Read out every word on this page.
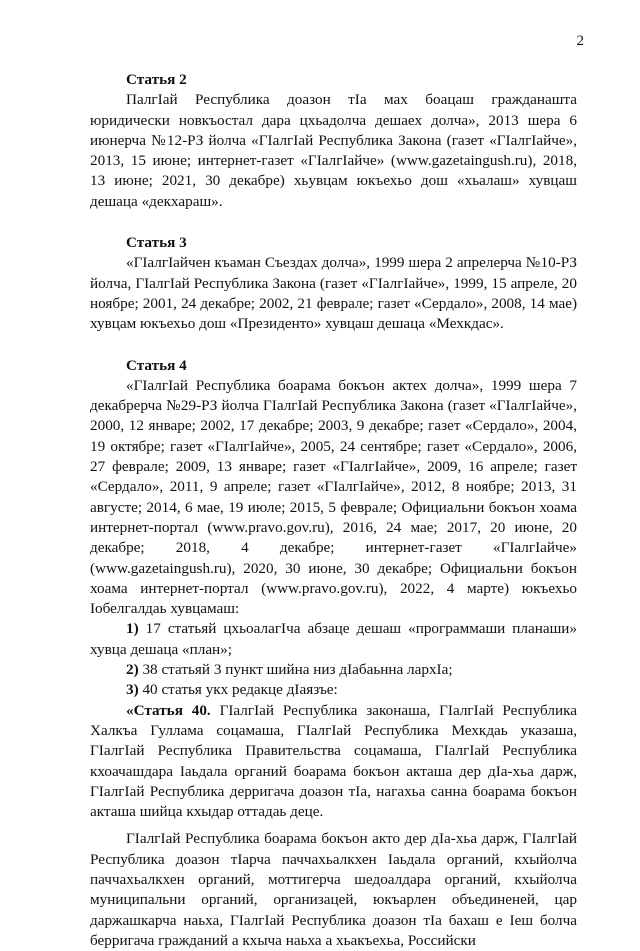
2

Статья 2

ПалгӀай Республика доазон тӀа мах боацаш гражданашта юридически новкъостал дара цхьадолча дешаех долча», 2013 шера 6 июнерча №12-РЗ йолча «ГӀалгӀай Республика Закона (газет «ГӀалгӀайче», 2013, 15 июне; интернет-газет «ГӀалгӀайче» (www.gazetaingush.ru), 2018, 13 июне; 2021, 30 декабре) хьувцам юкъехьо дош «хьалаш» хувцаш дешаца «декхараш».

Статья 3

«ГӀалгӀайчен къаман Съездах долча», 1999 шера 2 апрелерча №10-РЗ йолча, ГӀалгӀай Республика Закона (газет «ГӀалгӀайче», 1999, 15 апреле, 20 ноябре; 2001, 24 декабре; 2002, 21 феврале; газет «Сердало», 2008, 14 мае) хувцам юкъехьо дош «Президенто» хувцаш дешаца «Мехкдас».

Статья 4

«ГӀалгӀай Республика боарама бокъон актех долча», 1999 шера 7 декабрерча №29-РЗ йолча ГӀалгӀай Республика Закона (газет «ГӀалгӀайче», 2000, 12 январе; 2002, 17 декабре; 2003, 9 декабре; газет «Сердало», 2004, 19 октябре; газет «ГӀалгӀайче», 2005, 24 сентябре; газет «Сердало», 2006, 27 феврале; 2009, 13 январе; газет «ГӀалгӀайче», 2009, 16 апреле; газет «Сердало», 2011, 9 апреле; газет «ГӀалгӀайче», 2012, 8 ноябре; 2013, 31 августе; 2014, 6 мае, 19 июле; 2015, 5 феврале; Официальни бокъон хоама интернет-портал (www.pravo.gov.ru), 2016, 24 мае; 2017, 20 июне, 20 декабре; 2018, 4 декабре; интернет-газет «ГӀалгӀайче» (www.gazetaingush.ru), 2020, 30 июне, 30 декабре; Официальни бокъон хоама интернет-портал (www.pravo.gov.ru), 2022, 4 марте) юкъехьо Ӏобелгалдаь хувцамаш:

1) 17 статьяй цхьоалагӀча абзаце дешаш «программаши планаши» хувца дешаца «план»;

2) 38 статьяй 3 пункт шийна низ дӀабаьнна лархӀа;

3) 40 статья укх редакце дӀаязъе:

«Статья 40. ГӀалгӀай Республика законаша, ГӀалгӀай Республика Халкъа Гуллама соцамаша, ГӀалгӀай Республика Мехкдаь указаша, ГӀалгӀай Республика Правительства соцамаша, ГӀалгӀай Республика кхоачашдара Ӏаьдала органий боарама бокъон акташа дер дӀа-хьа дарж, ГӀалгӀай Республика дерригача доазон тӀа, нагахьа санна боарама бокъон акташа шийца кхыдар оттадаь деце.

ГӀалгӀай Республика боарама бокъон акто дер дӀа-хьа дарж, ГӀалгӀай Республика доазон тӀарча паччахьалкхен Ӏаьдала органий, кхыйолча паччахьалкхен органий, моттигерча шедоалдара органий, кхыйолча муниципальни органий, организацей, юкъарлен объединеней, цар даржашкарча наьха, ГӀалгӀай Республика доазон тӀа бахаш е Ӏеш болча берригача гражданий а кхыча наьха а хьакъехьа, Российски
